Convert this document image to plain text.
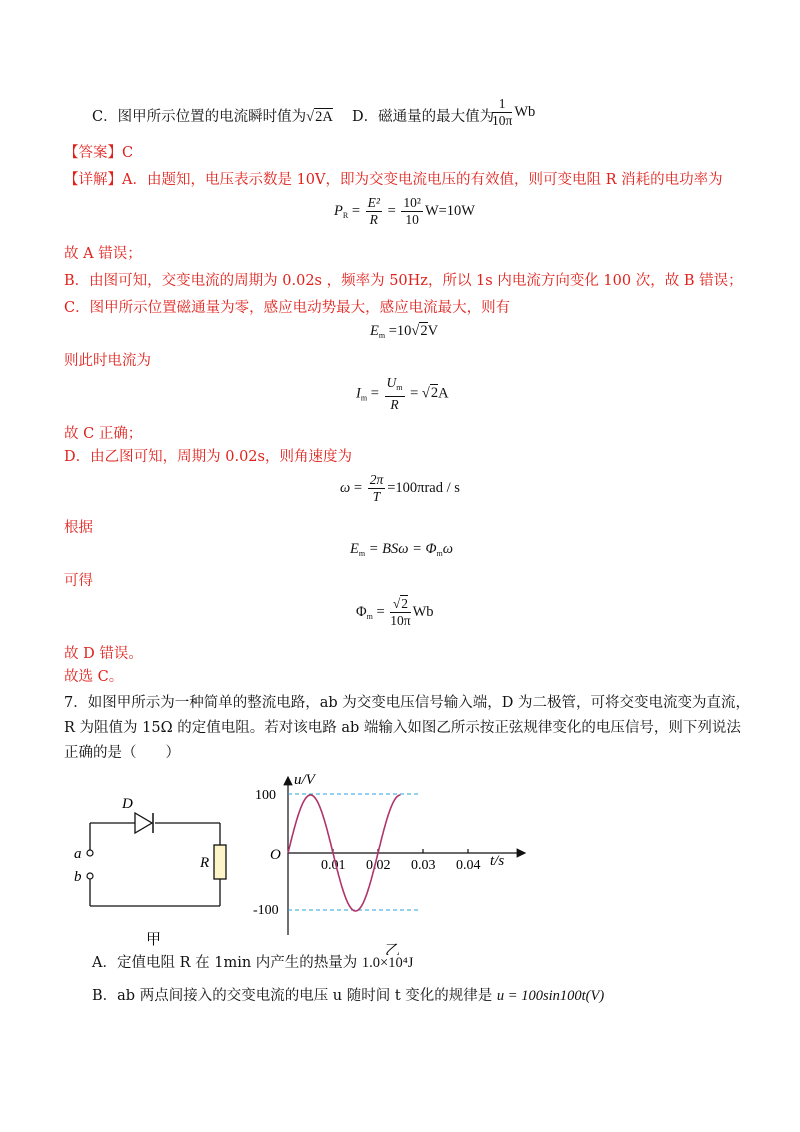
C．图甲所示位置的电流瞬时值为√2A D．磁通量的最大值为
$\frac{1}{10\pi}$ Wb
【答案】C
【详解】A．由题知，电压表示数是 10V，即为交变电流电压的有效值，则可变电阻 R 消耗的电功率为
$P_R = \frac{\text{E²}}{R} = \frac{\text{10²}}{10} W=10W$
故 A 错误；
B．由图可知，交变电流的周期为 0.02s ，频率为 50Hz，所以 1s 内电流方向变化 100 次，故 B 错误；
C．图甲所示位置磁通量为零，感应电动势最大，感应电流最大，则有
$E_m =10√2V$
则此时电流为
$I_m = \frac{U_m}{R} = √2A$
故 C 正确；
D．由乙图可知，周期为 0.02s，则角速度为
$\omega = \frac{2\pi}{T} =100\pi rad / s$
根据
$E_m = BS\omega = \Phi_m\omega$
可得
$\Phi_m = \frac{√2}{10\pi}$ Wb
故 D 错误。
故选 C。
7．如图甲所示为一种简单的整流电路，ab 为交变电压信号输入端，D 为二极管，可将交变电流变为直流，
R 为阻值为 15Ω 的定值电阻。若对该电路 ab 端输入如图乙所示按正弦规律变化的电压信号，则下列说法
正确的是（　　）
D
R
a
b
甲
u/V
t/s
O
100
-100
0.01 0.02 0.03 0.04
乙
A．定值电阻 R 在 1min 内产生的热量为 1.0×10⁴J
B．ab 两点间接入的交变电流的电压 u 随时间 t 变化的规律是 u = 100sin100t(V)
